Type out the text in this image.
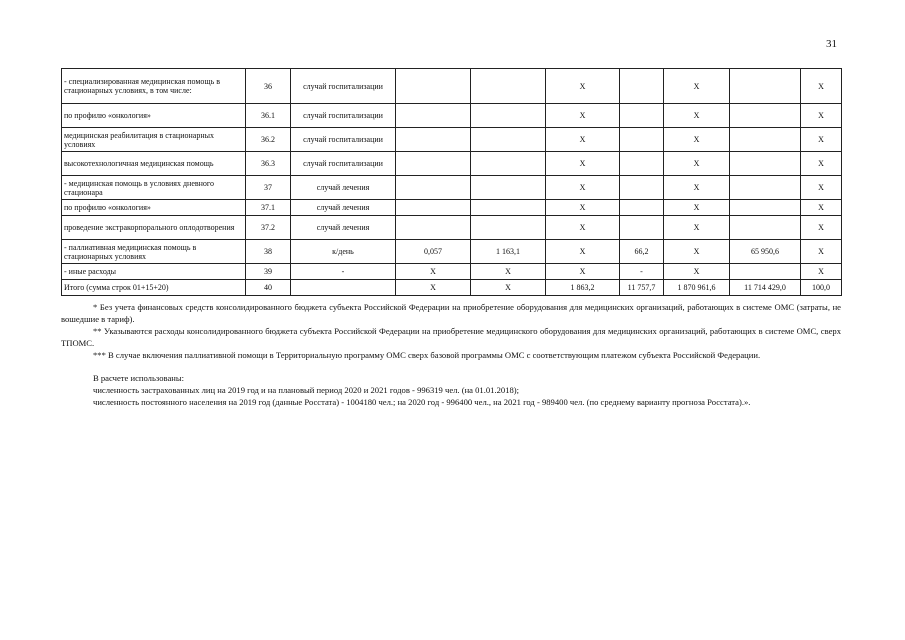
31
- специализированная медицинская помощь в стационарных условиях, в том числе:	36	случай госпитализации			X		X		X
по профилю «онкология»	36.1	случай госпитализации			X		X		X
медицинская реабилитация в стационарных условиях	36.2	случай госпитализации			X		X		X
высокотехнологичная медицинская помощь	36.3	случай госпитализации			X		X		X
- медицинская помощь в условиях дневного стационара	37	случай лечения			X		X		X
по профилю «онкология»	37.1	случай лечения			X		X		X
проведение экстракорпорального оплодотворения	37.2	случай лечения			X		X		X
- паллиативная медицинская помощь в стационарных условиях	38	к/день	0,057	1 163,1	X	66,2	X	65 950,6	X
- иные расходы	39	-	X	X	X	-	X		X
Итого (сумма строк 01+15+20)	40		X	X	1 863,2	11 757,7	1 870 961,6	11 714 429,0	100,0

* Без учета финансовых средств консолидированного бюджета субъекта Российской Федерации на приобретение оборудования для медицинских организаций, работающих в системе ОМС (затраты, не вошедшие в тариф).

** Указываются расходы консолидированного бюджета субъекта Российской Федерации на приобретение медицинского оборудования для медицинских организаций, работающих в системе ОМС, сверх ТПОМС.

*** В случае включения паллиативной помощи в Территориальную программу ОМС сверх базовой программы ОМС с соответствующим платежом субъекта Российской Федерации.

В расчете использованы:

численность застрахованных лиц на 2019 год и на плановый период 2020 и 2021 годов - 996319 чел. (на 01.01.2018);

численность постоянного населения на 2019 год (данные Росстата) - 1004180 чел.; на 2020 год - 996400 чел., на 2021 год - 989400 чел. (по среднему варианту прогноза Росстата).».
